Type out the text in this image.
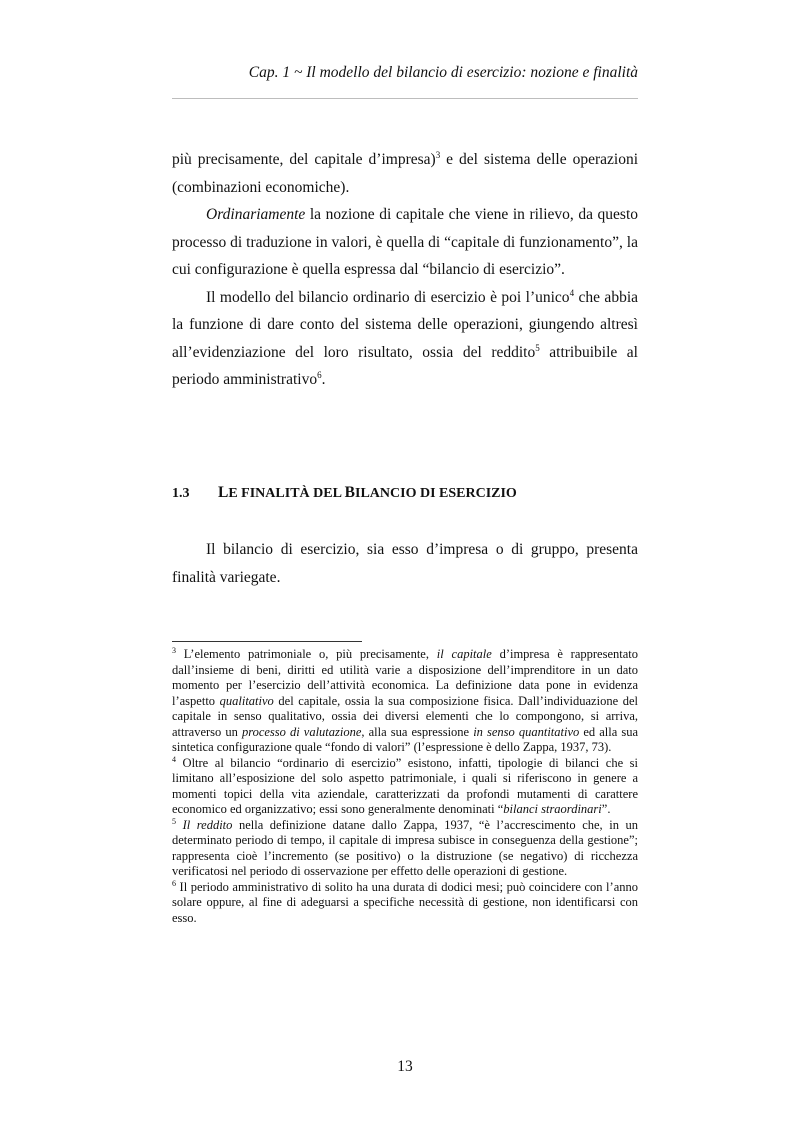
Cap. 1 ~ Il modello del bilancio di esercizio: nozione e finalità

più precisamente, del capitale d’impresa)$^3$ e del sistema delle operazioni (combinazioni economiche).

Ordinariamente la nozione di capitale che viene in rilievo, da questo processo di traduzione in valori, è quella di “capitale di funzionamento”, la cui configurazione è quella espressa dal “bilancio di esercizio”.

Il modello del bilancio ordinario di esercizio è poi l’unico$^4$ che abbia la funzione di dare conto del sistema delle operazioni, giungendo altresì all’evidenziazione del loro risultato, ossia del reddito$^5$ attribuibile al periodo amministrativo$^6$.

1.3 LE FINALITÀ DEL BILANCIO DI ESERCIZIO

Il bilancio di esercizio, sia esso d’impresa o di gruppo, presenta finalità variegate.

$^3$ L’elemento patrimoniale o, più precisamente, il capitale d’impresa è rappresentato dall’insieme di beni, diritti ed utilità varie a disposizione dell’imprenditore in un dato momento per l’esercizio dell’attività economica. La definizione data pone in evidenza l’aspetto qualitativo del capitale, ossia la sua composizione fisica. Dall’individuazione del capitale in senso qualitativo, ossia dei diversi elementi che lo compongono, si arriva, attraverso un processo di valutazione, alla sua espressione in senso quantitativo ed alla sua sintetica configurazione quale “fondo di valori” (l’espressione è dello Zappa, 1937, 73).

$^4$ Oltre al bilancio “ordinario di esercizio” esistono, infatti, tipologie di bilanci che si limitano all’esposizione del solo aspetto patrimoniale, i quali si riferiscono in genere a momenti topici della vita aziendale, caratterizzati da profondi mutamenti di carattere economico ed organizzativo; essi sono generalmente denominati “bilanci straordinari”.

$^5$ Il reddito nella definizione datane dallo Zappa, 1937, “è l’accrescimento che, in un determinato periodo di tempo, il capitale di impresa subisce in conseguenza della gestione”; rappresenta cioè l’incremento (se positivo) o la distruzione (se negativo) di ricchezza verificatosi nel periodo di osservazione per effetto delle operazioni di gestione.

$^6$ Il periodo amministrativo di solito ha una durata di dodici mesi; può coincidere con l’anno solare oppure, al fine di adeguarsi a specifiche necessità di gestione, non identificarsi con esso.

13
